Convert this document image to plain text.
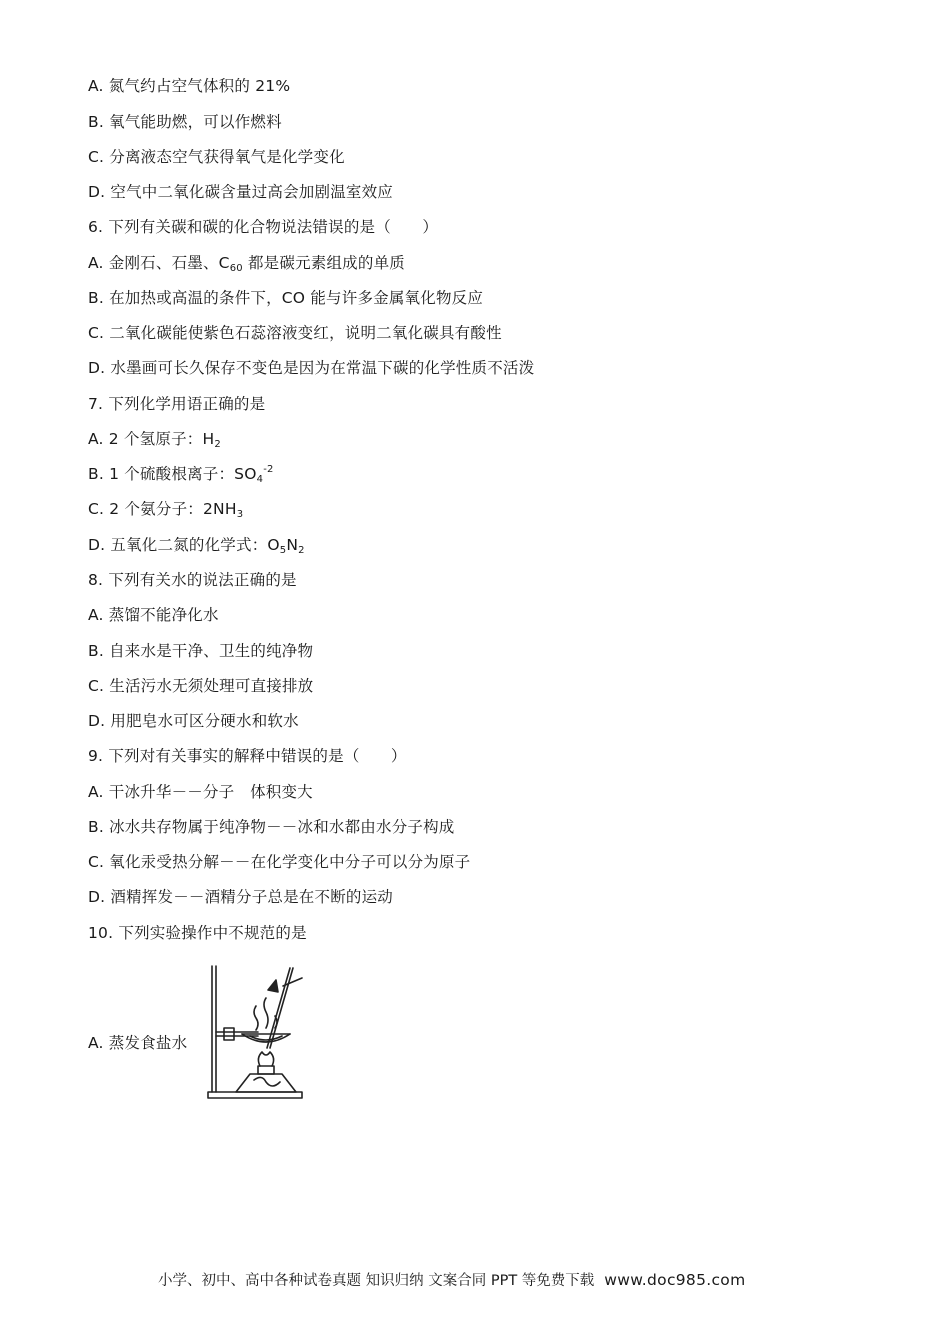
A. 氮气约占空气体积的 21%
B. 氧气能助燃，可以作燃料
C. 分离液态空气获得氧气是化学变化
D. 空气中二氧化碳含量过高会加剧温室效应
6. 下列有关碳和碳的化合物说法错误的是（　　）
A. 金刚石、石墨、$C_{60}$ 都是碳元素组成的单质
B. 在加热或高温的条件下，CO 能与许多金属氧化物反应
C. 二氧化碳能使紫色石蕊溶液变红，说明二氧化碳具有酸性
D. 水墨画可长久保存不变色是因为在常温下碳的化学性质不活泼
7. 下列化学用语正确的是
A. 2 个氢原子：$H_2$
B. 1 个硫酸根离子：$SO_4^{-2}$
C. 2 个氨分子：$2NH_3$
D. 五氧化二氮的化学式：$O_5N_2$
8. 下列有关水的说法正确的是
A. 蒸馏不能净化水
B. 自来水是干净、卫生的纯净物
C. 生活污水无须处理可直接排放
D. 用肥皂水可区分硬水和软水
9. 下列对有关事实的解释中错误的是（　　）
A. 干冰升华－－分子　体积变大
B. 冰水共存物属于纯净物－－冰和水都由水分子构成
C. 氧化汞受热分解－－在化学变化中分子可以分为原子
D. 酒精挥发－－酒精分子总是在不断的运动
10. 下列实验操作中不规范的是
A. 蒸发食盐水
小学、初中、高中各种试卷真题 知识归纳 文案合同 PPT 等免费下载 www.doc985.com
